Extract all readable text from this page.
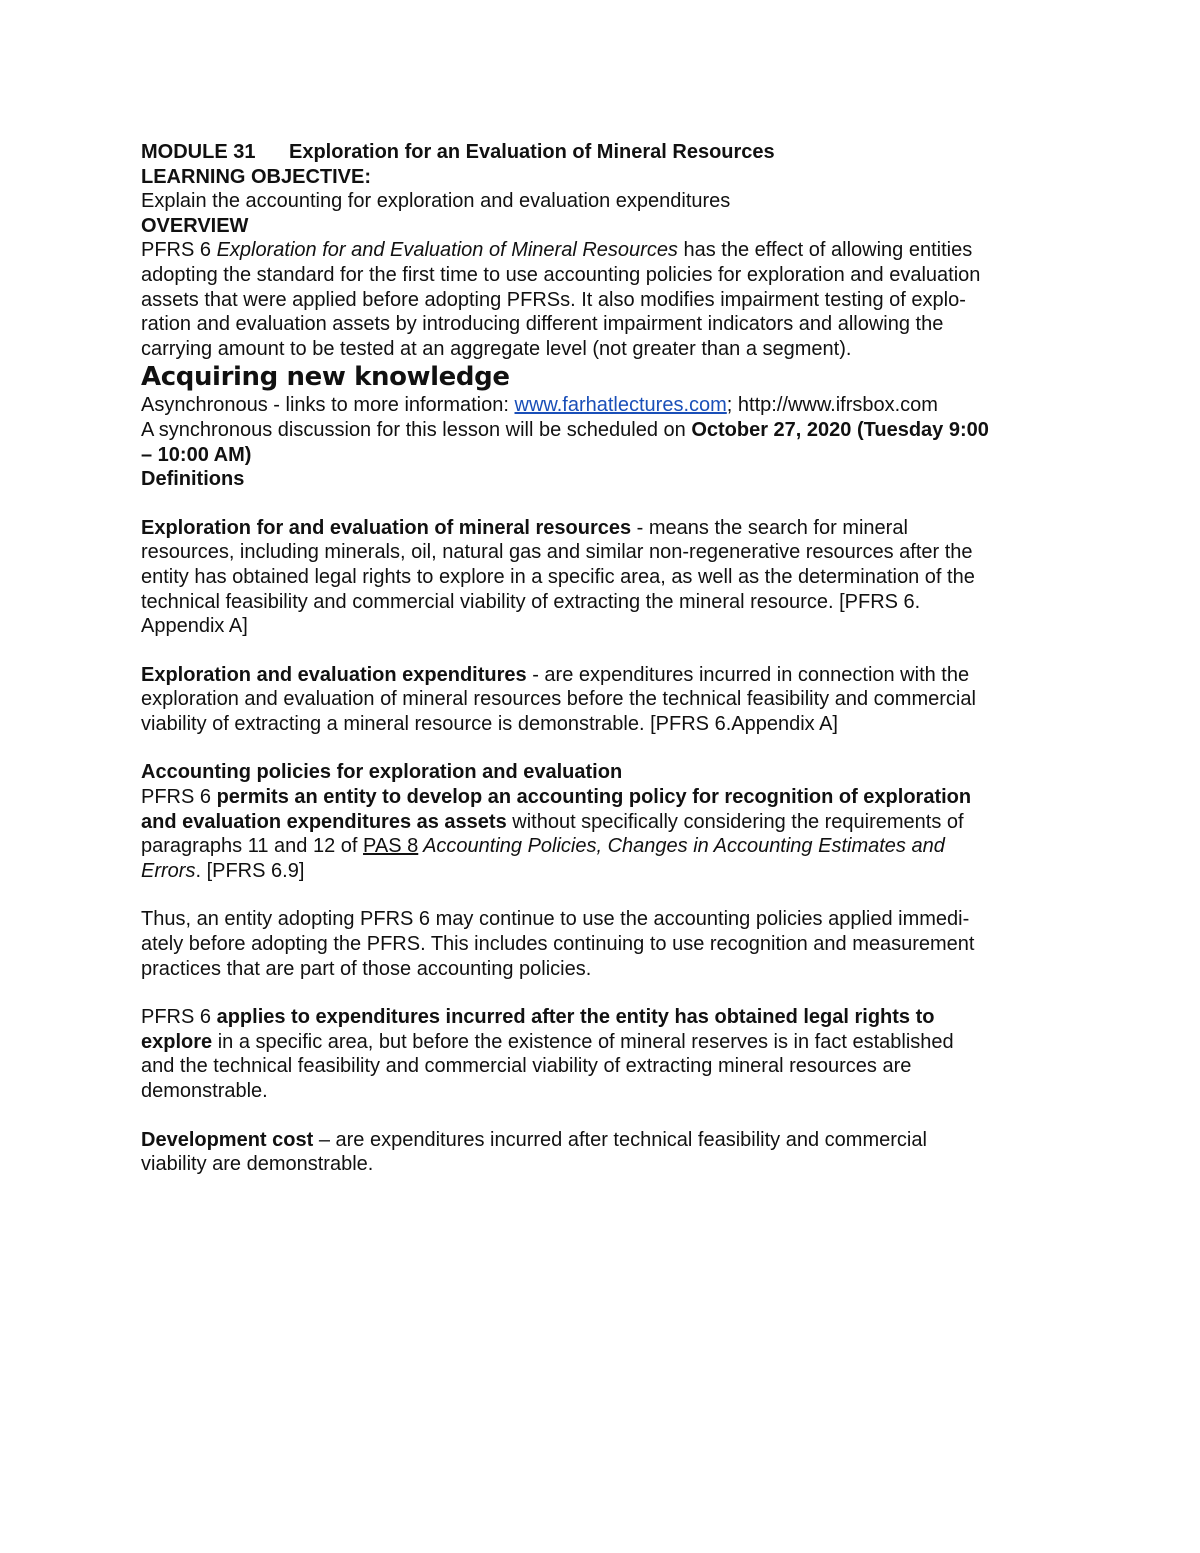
MODULE 31 Exploration for an Evaluation of Mineral Resources

LEARNING OBJECTIVE:

Explain the accounting for exploration and evaluation expenditures

OVERVIEW

PFRS 6 Exploration for and Evaluation of Mineral Resources has the effect of allowing entities

adopting the standard for the first time to use accounting policies for exploration and evaluation

assets that were applied before adopting PFRSs. It also modifies impairment testing of explo-

ration and evaluation assets by introducing different impairment indicators and allowing the

carrying amount to be tested at an aggregate level (not greater than a segment).

Acquiring new knowledge

Asynchronous - links to more information: www.farhatlectures.com; http://www.ifrsbox.com

A synchronous discussion for this lesson will be scheduled on October 27, 2020 (Tuesday 9:00

– 10:00 AM)

Definitions

Exploration for and evaluation of mineral resources - means the search for mineral

resources, including minerals, oil, natural gas and similar non-regenerative resources after the

entity has obtained legal rights to explore in a specific area, as well as the determination of the

technical feasibility and commercial viability of extracting the mineral resource. [PFRS 6.

Appendix A]

Exploration and evaluation expenditures - are expenditures incurred in connection with the

exploration and evaluation of mineral resources before the technical feasibility and commercial

viability of extracting a mineral resource is demonstrable. [PFRS 6.Appendix A]

Accounting policies for exploration and evaluation

PFRS 6 permits an entity to develop an accounting policy for recognition of exploration

and evaluation expenditures as assets without specifically considering the requirements of

paragraphs 11 and 12 of PAS 8 Accounting Policies, Changes in Accounting Estimates and

Errors. [PFRS 6.9]

Thus, an entity adopting PFRS 6 may continue to use the accounting policies applied immedi-

ately before adopting the PFRS. This includes continuing to use recognition and measurement

practices that are part of those accounting policies.

PFRS 6 applies to expenditures incurred after the entity has obtained legal rights to

explore in a specific area, but before the existence of mineral reserves is in fact established

and the technical feasibility and commercial viability of extracting mineral resources are

demonstrable.

Development cost – are expenditures incurred after technical feasibility and commercial

viability are demonstrable.
